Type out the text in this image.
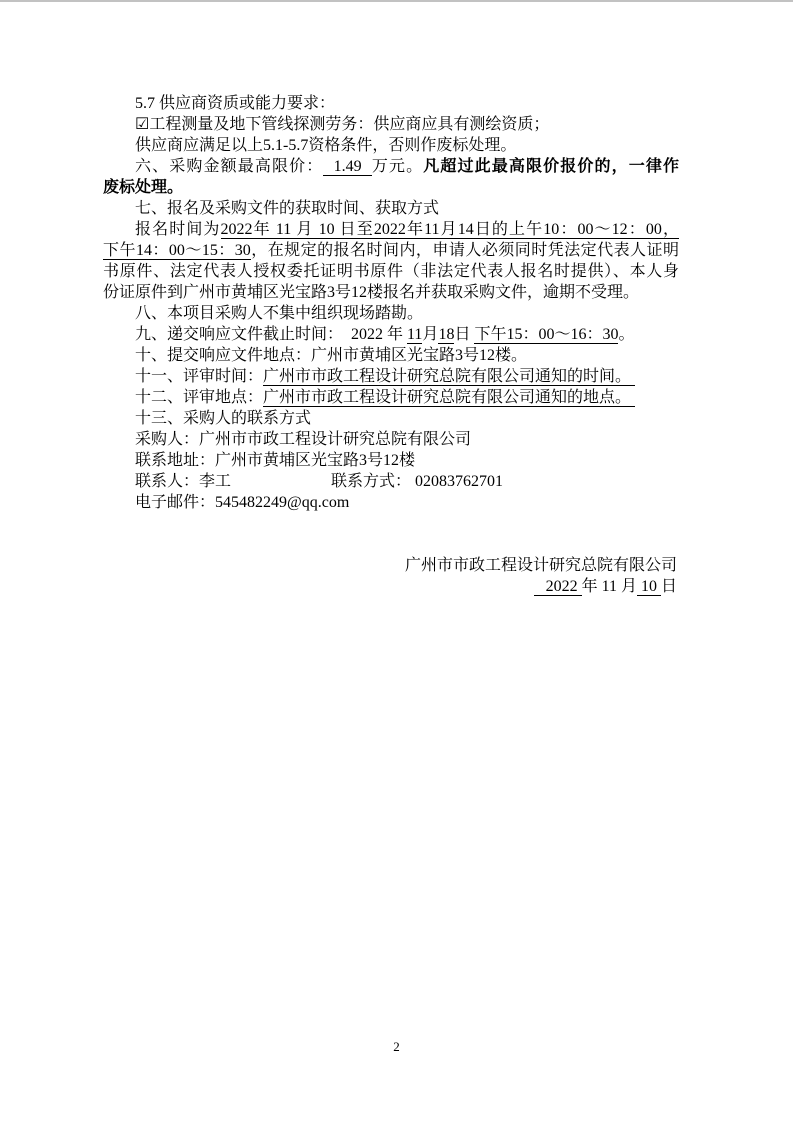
5.7 供应商资质或能力要求：
☑工程测量及地下管线探测劳务：供应商应具有测绘资质；
供应商应满足以上5.1-5.7资格条件，否则作废标处理。
六、采购金额最高限价：  1.49  万元。凡超过此最高限价报价的，一律作
废标处理。
七、报名及采购文件的获取时间、获取方式
报名时间为2022年 11 月 10 日至2022年11月14日的上午10：00～12：00，
下午14：00～15：30，在规定的报名时间内，申请人必须同时凭法定代表人证明
书原件、法定代表人授权委托证明书原件（非法定代表人报名时提供）、本人身
份证原件到广州市黄埔区光宝路3号12楼报名并获取采购文件，逾期不受理。
八、本项目采购人不集中组织现场踏勘。
九、递交响应文件截止时间：  2022 年 11月18日 下午15：00～16：30。
十、提交响应文件地点：广州市黄埔区光宝路3号12楼。
十一、评审时间：广州市市政工程设计研究总院有限公司通知的时间。
十二、评审地点：广州市市政工程设计研究总院有限公司通知的地点。
十三、采购人的联系方式
采购人：广州市市政工程设计研究总院有限公司
联系地址：广州市黄埔区光宝路3号12楼
联系人：李工	联系方式： 02083762701
电子邮件：545482249@qq.com
广州市市政工程设计研究总院有限公司
2022 年 11 月 10 日
2
